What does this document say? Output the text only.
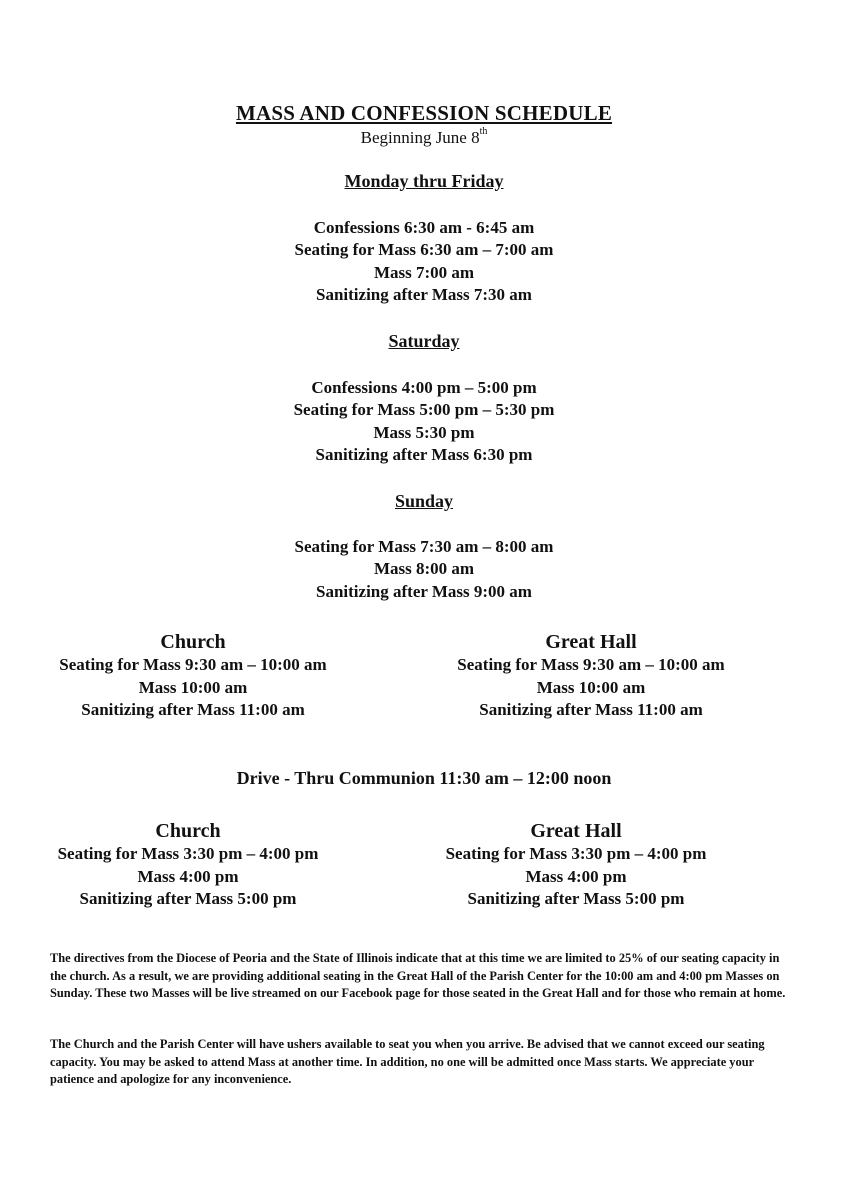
MASS AND CONFESSION SCHEDULE
Beginning June 8th
Monday thru Friday
Confessions 6:30 am - 6:45 am
Seating for Mass 6:30 am – 7:00 am
Mass 7:00 am
Sanitizing after Mass 7:30 am
Saturday
Confessions 4:00 pm – 5:00 pm
Seating for Mass 5:00 pm – 5:30 pm
Mass 5:30 pm
Sanitizing after Mass 6:30 pm
Sunday
Seating for Mass 7:30 am – 8:00 am
Mass 8:00 am
Sanitizing after Mass 9:00 am
Church
Seating for Mass 9:30 am – 10:00 am
Mass 10:00 am
Sanitizing after Mass 11:00 am
Great Hall
Seating for Mass 9:30 am – 10:00 am
Mass 10:00 am
Sanitizing after Mass 11:00 am
Drive - Thru Communion 11:30 am – 12:00 noon
Church
Seating for Mass 3:30 pm – 4:00 pm
Mass 4:00 pm
Sanitizing after Mass 5:00 pm
Great Hall
Seating for Mass 3:30 pm – 4:00 pm
Mass 4:00 pm
Sanitizing after Mass 5:00 pm
The directives from the Diocese of Peoria and the State of Illinois indicate that at this time we are limited to 25% of our seating capacity in the church. As a result, we are providing additional seating in the Great Hall of the Parish Center for the 10:00 am and 4:00 pm Masses on Sunday. These two Masses will be live streamed on our Facebook page for those seated in the Great Hall and for those who remain at home.
The Church and the Parish Center will have ushers available to seat you when you arrive. Be advised that we cannot exceed our seating capacity. You may be asked to attend Mass at another time. In addition, no one will be admitted once Mass starts. We appreciate your patience and apologize for any inconvenience.
